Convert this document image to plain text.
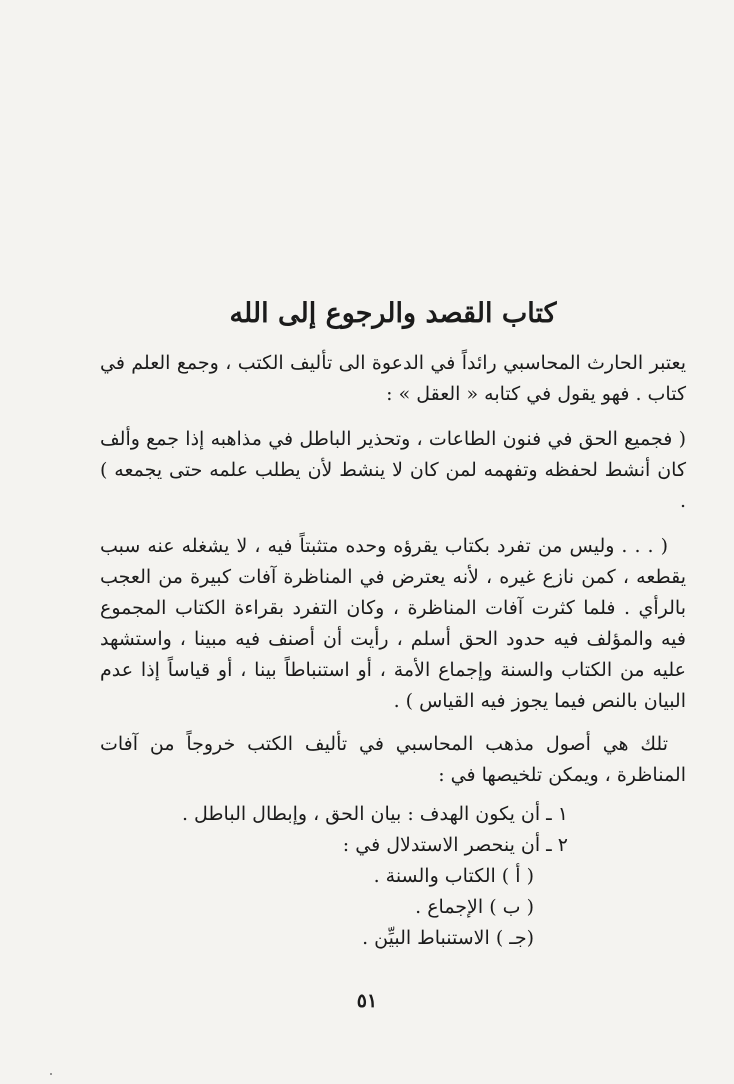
كتاب القصد والرجوع إلى الله

يعتبر الحارث المحاسبي رائداً في الدعوة الى تأليف الكتب ، وجمع العلم في كتاب . فهو يقول في كتابه « العقل » :

( فجميع الحق في فنون الطاعات ، وتحذير الباطل في مذاهبه إذا جمع وألف كان أنشط لحفظه وتفهمه لمن كان لا ينشط لأن يطلب علمه حتى يجمعه ) .

( . . . وليس من تفرد بكتاب يقرؤه وحده متثبتاً فيه ، لا يشغله عنه سبب يقطعه ، كمن نازع غيره ، لأنه يعترض في المناظرة آفات كبيرة من العجب بالرأي . فلما كثرت آفات المناظرة ، وكان التفرد بقراءة الكتاب المجموع فيه والمؤلف فيه حدود الحق أسلم ، رأيت أن أصنف فيه مبينا ، واستشهد عليه من الكتاب والسنة وإجماع الأمة ، أو استنباطاً بينا ، أو قياساً إذا عدم البيان بالنص فيما يجوز فيه القياس ) .

تلك هي أصول مذهب المحاسبي في تأليف الكتب خروجاً من آفات المناظرة ، ويمكن تلخيصها في :

١ ـ أن يكون الهدف : بيان الحق ، وإبطال الباطل .
٢ ـ أن ينحصر الاستدلال في :
( أ ) الكتاب والسنة .
( ب ) الإجماع .
(جـ ) الاستنباط البيِّن .
٥١
